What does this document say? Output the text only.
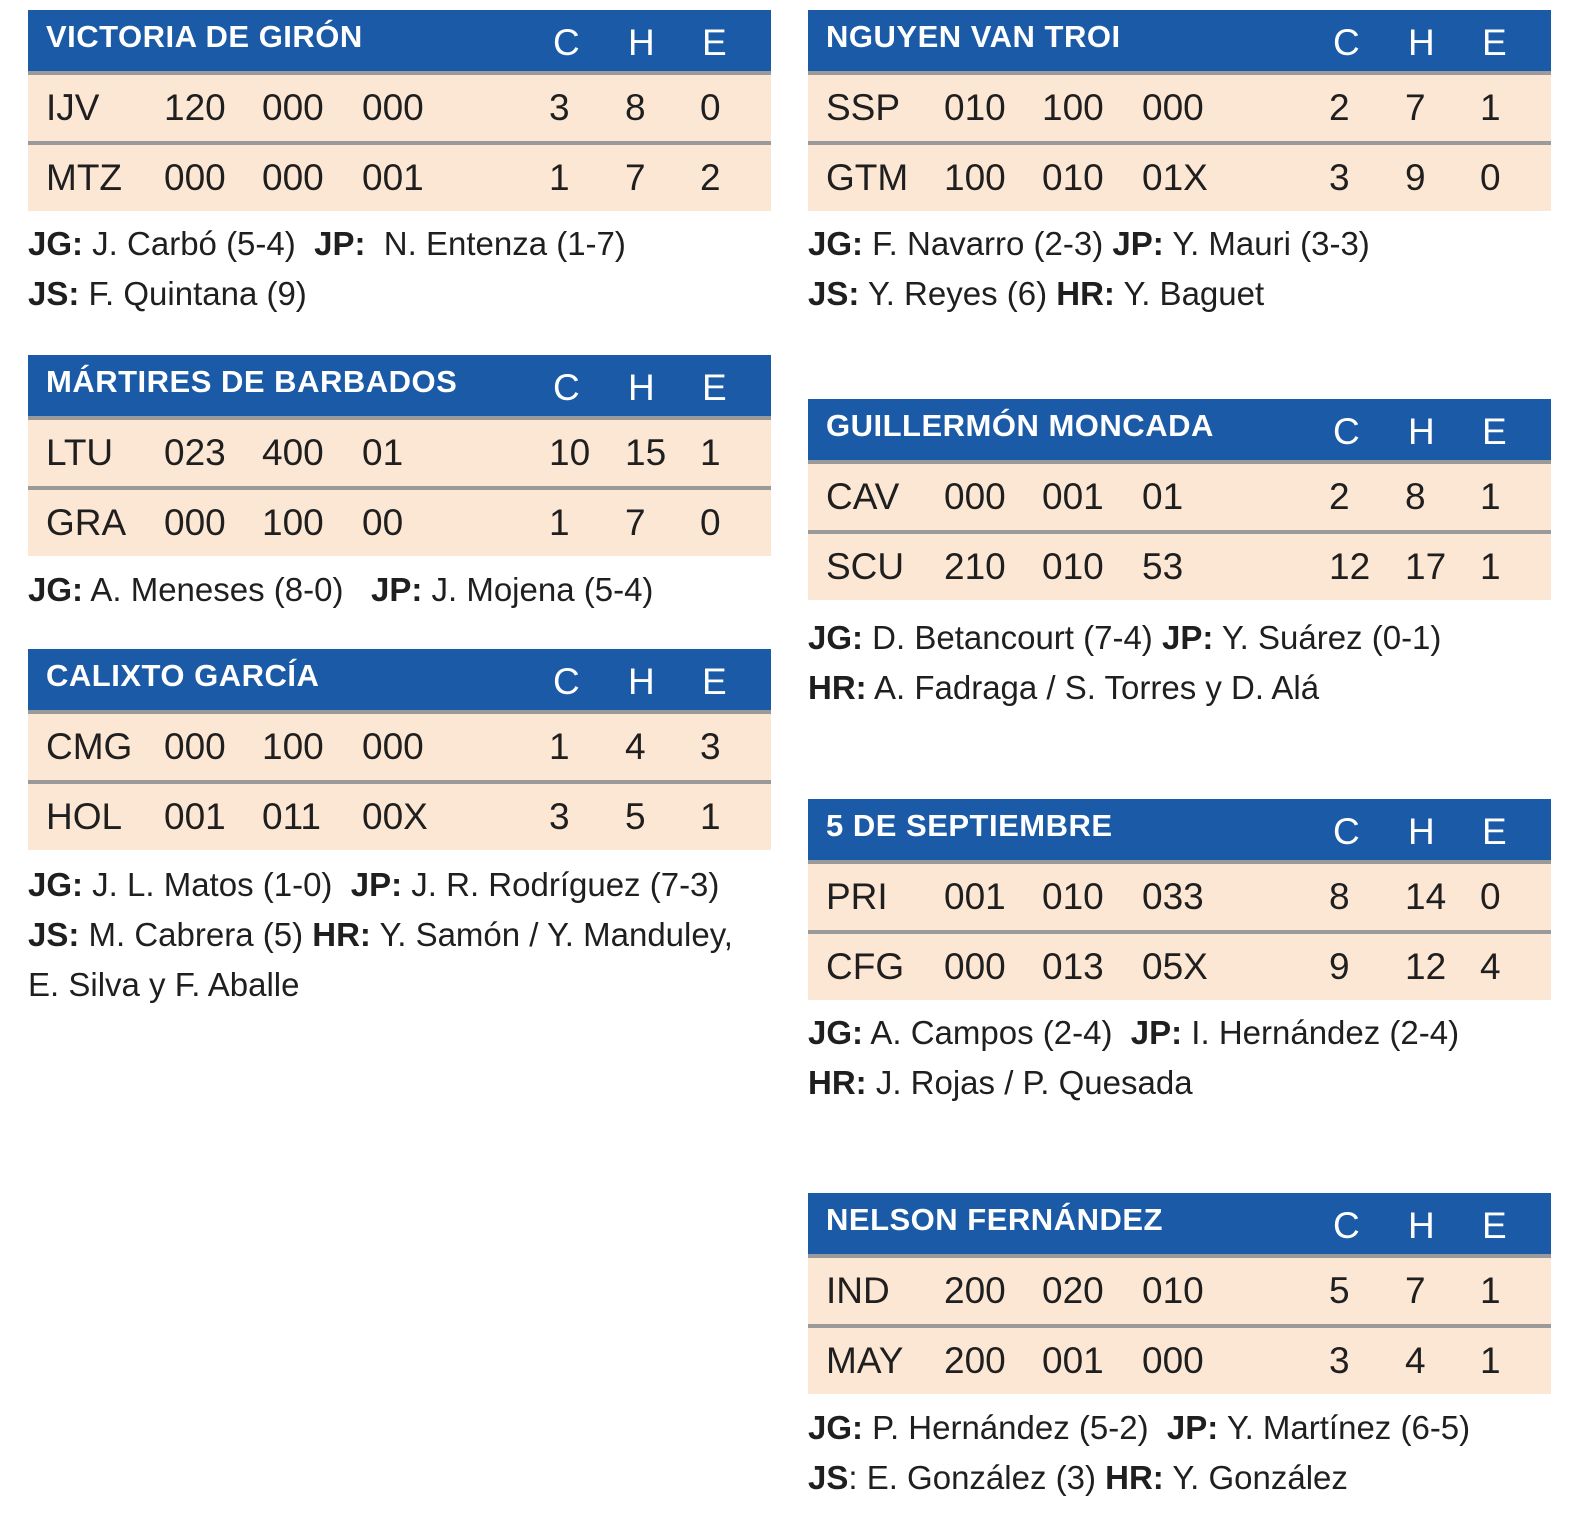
VICTORIA DE GIRÓN	C H E
IJV 120 000 000	3 8 0
MTZ 000 000 001	1 7 2
JG: J. Carbó (5-4)  JP:  N. Entenza (1-7)
JS: F. Quintana (9)
MÁRTIRES DE BARBADOS	C H E
LTU 023 400 01	10 15 1
GRA 000 100 00	1 7 0
JG: A. Meneses (8-0)   JP: J. Mojena (5-4)
CALIXTO GARCÍA	C H E
CMG 000 100 000	1 4 3
HOL 001 011 00X	3 5 1
JG: J. L. Matos (1-0)  JP: J. R. Rodríguez (7-3)
JS: M. Cabrera (5) HR: Y. Samón / Y. Manduley,
E. Silva y F. Aballe
NGUYEN VAN TROI	C H E
SSP 010 100 000	2 7 1
GTM 100 010 01X	3 9 0
JG: F. Navarro (2-3) JP: Y. Mauri (3-3)
JS: Y. Reyes (6) HR: Y. Baguet
GUILLERMÓN MONCADA	C H E
CAV 000 001 01	2 8 1
SCU 210 010 53	12 17 1
JG: D. Betancourt (7-4) JP: Y. Suárez (0-1)
HR: A. Fadraga / S. Torres y D. Alá
5 DE SEPTIEMBRE	C H E
PRI 001 010 033	8 14 0
CFG 000 013 05X	9 12 4
JG: A. Campos (2-4)  JP: I. Hernández (2-4)
HR: J. Rojas / P. Quesada
NELSON FERNÁNDEZ	C H E
IND 200 020 010	5 7 1
MAY 200 001 000	3 4 1
JG: P. Hernández (5-2)  JP: Y. Martínez (6-5)
JS: E. González (3) HR: Y. González
